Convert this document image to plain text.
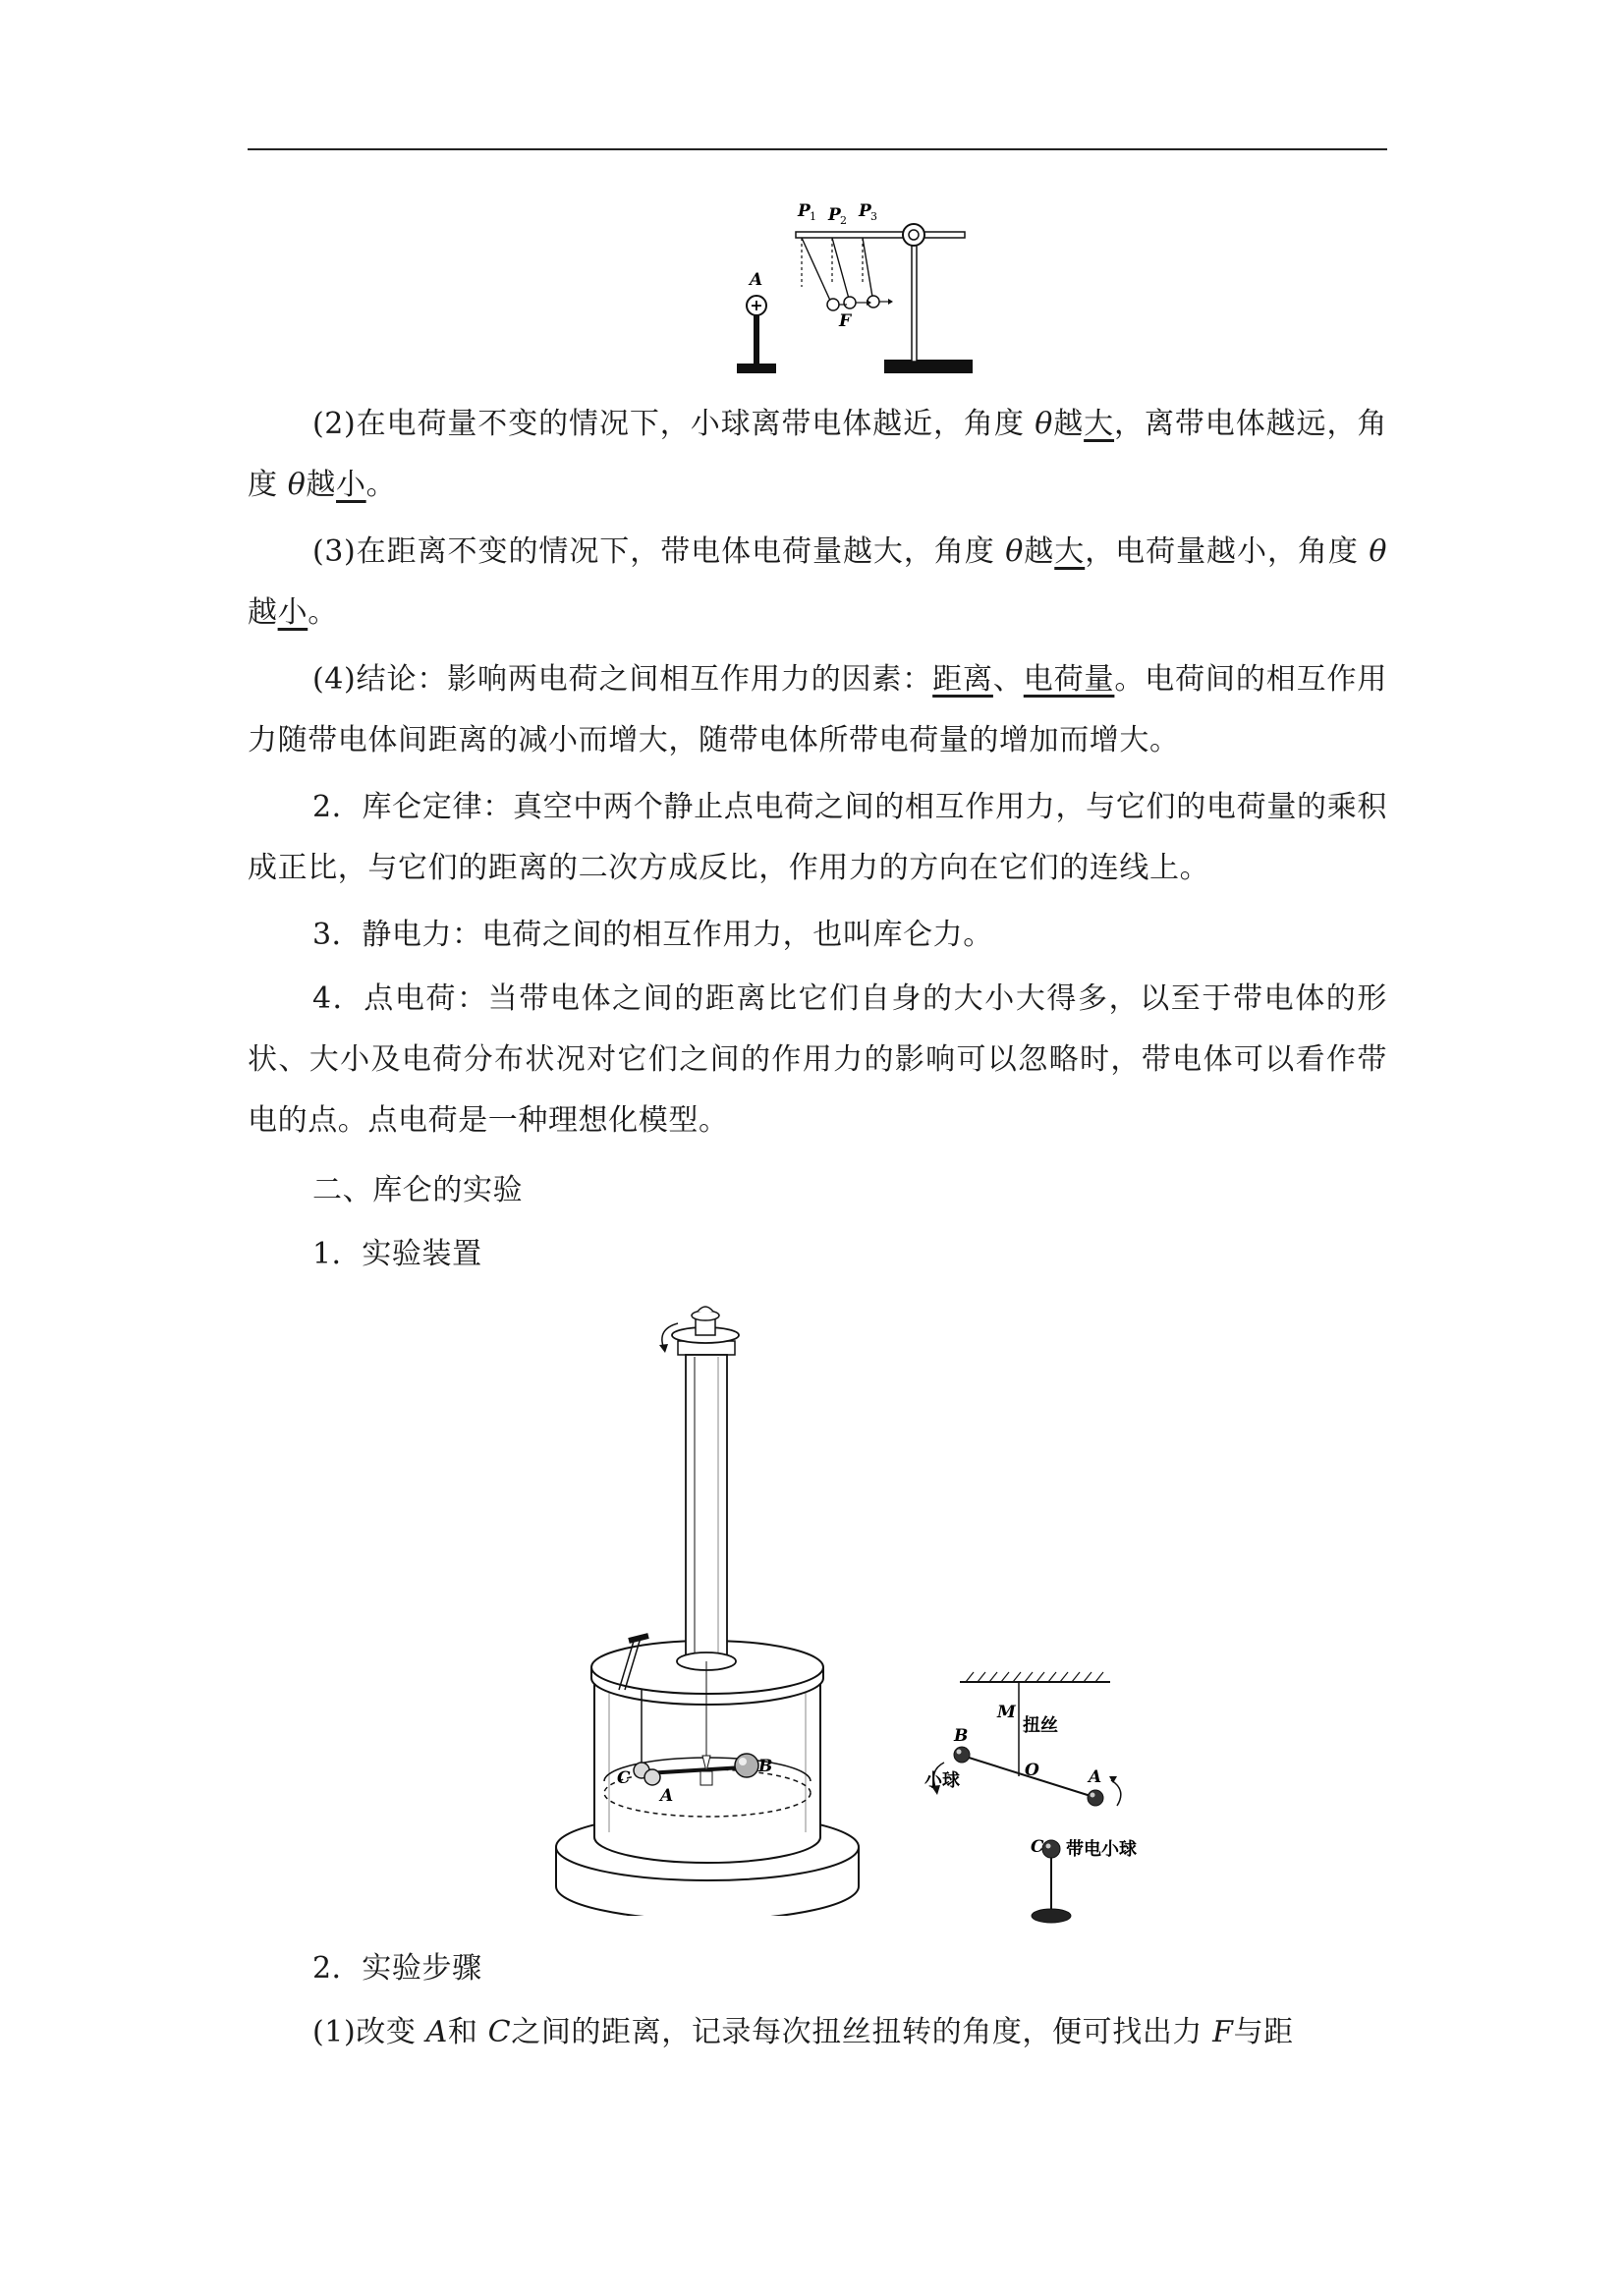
+
A
P 1 P 2 P 3
F
(2)在电荷量不变的情况下，小球离带电体越近，角度 θ越大，离带电体越远，角度 θ越小。
(3)在距离不变的情况下，带电体电荷量越大，角度 θ越大，电荷量越小，角度 θ越小。
(4)结论：影响两电荷之间相互作用力的因素：距离、电荷量。电荷间的相互作用力随带电体间距离的减小而增大，随带电体所带电荷量的增加而增大。
2．库仑定律：真空中两个静止点电荷之间的相互作用力，与它们的电荷量的乘积成正比，与它们的距离的二次方成反比，作用力的方向在它们的连线上。
3．静电力：电荷之间的相互作用力，也叫库仑力。
4．点电荷：当带电体之间的距离比它们自身的大小大得多，以至于带电体的形状、大小及电荷分布状况对它们之间的作用力的影响可以忽略时，带电体可以看作带电的点。点电荷是一种理想化模型。
二、库仑的实验
1．实验装置
C
A
B
M
扭丝
B
O
小球	A
C 带电小球
2．实验步骤
(1)改变 A和 C之间的距离，记录每次扭丝扭转的角度，便可找出力 F与距
